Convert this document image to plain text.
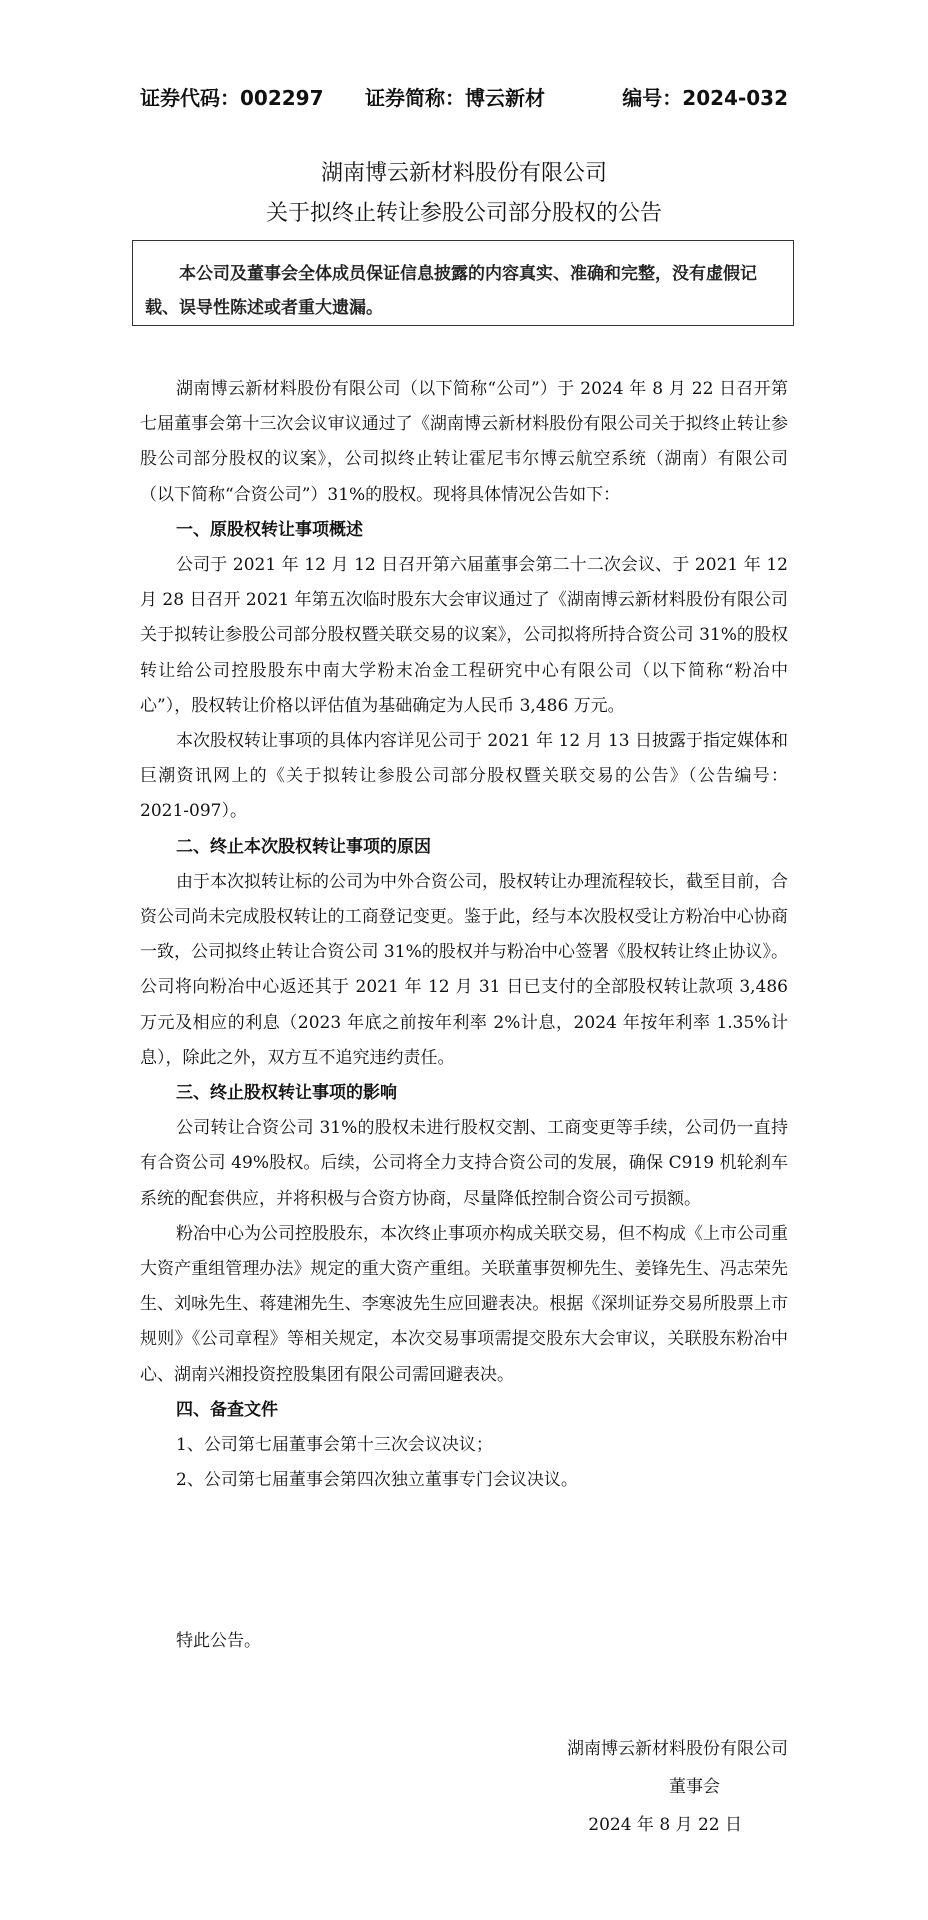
证券代码：002297 证券简称：博云新材	编号：2024-032
湖南博云新材料股份有限公司
关于拟终止转让参股公司部分股权的公告

本公司及董事会全体成员保证信息披露的内容真实、准确和完整，没有虚假记载、误导性陈述或者重大遗漏。

湖南博云新材料股份有限公司（以下简称“公司”）于 2024 年 8 月 22 日召开第七届董事会第十三次会议审议通过了《湖南博云新材料股份有限公司关于拟终止转让参股公司部分股权的议案》，公司拟终止转让霍尼韦尔博云航空系统（湖南）有限公司（以下简称“合资公司”）31%的股权。现将具体情况公告如下：

一、原股权转让事项概述

公司于 2021 年 12 月 12 日召开第六届董事会第二十二次会议、于 2021 年 12 月 28 日召开 2021 年第五次临时股东大会审议通过了《湖南博云新材料股份有限公司关于拟转让参股公司部分股权暨关联交易的议案》，公司拟将所持合资公司 31%的股权转让给公司控股股东中南大学粉末冶金工程研究中心有限公司（以下简称“粉冶中心”），股权转让价格以评估值为基础确定为人民币 3,486 万元。

本次股权转让事项的具体内容详见公司于 2021 年 12 月 13 日披露于指定媒体和巨潮资讯网上的《关于拟转让参股公司部分股权暨关联交易的公告》（公告编号：2021-097）。

二、终止本次股权转让事项的原因

由于本次拟转让标的公司为中外合资公司，股权转让办理流程较长，截至目前，合资公司尚未完成股权转让的工商登记变更。鉴于此，经与本次股权受让方粉冶中心协商一致，公司拟终止转让合资公司 31%的股权并与粉冶中心签署《股权转让终止协议》。公司将向粉冶中心返还其于 2021 年 12 月 31 日已支付的全部股权转让款项 3,486 万元及相应的利息（2023 年底之前按年利率 2%计息，2024 年按年利率 1.35%计息），除此之外，双方互不追究违约责任。

三、终止股权转让事项的影响

公司转让合资公司 31%的股权未进行股权交割、工商变更等手续，公司仍一直持有合资公司 49%股权。后续，公司将全力支持合资公司的发展，确保 C919 机轮刹车系统的配套供应，并将积极与合资方协商，尽量降低控制合资公司亏损额。

粉冶中心为公司控股股东，本次终止事项亦构成关联交易，但不构成《上市公司重大资产重组管理办法》规定的重大资产重组。关联董事贺柳先生、姜锋先生、冯志荣先生、刘咏先生、蒋建湘先生、李寒波先生应回避表决。根据《深圳证券交易所股票上市规则》《公司章程》等相关规定，本次交易事项需提交股东大会审议，关联股东粉冶中心、湖南兴湘投资控股集团有限公司需回避表决。

四、备查文件

1、公司第七届董事会第十三次会议决议；

2、公司第七届董事会第四次独立董事专门会议决议。

特此公告。
湖南博云新材料股份有限公司
董事会
2024 年 8 月 22 日
